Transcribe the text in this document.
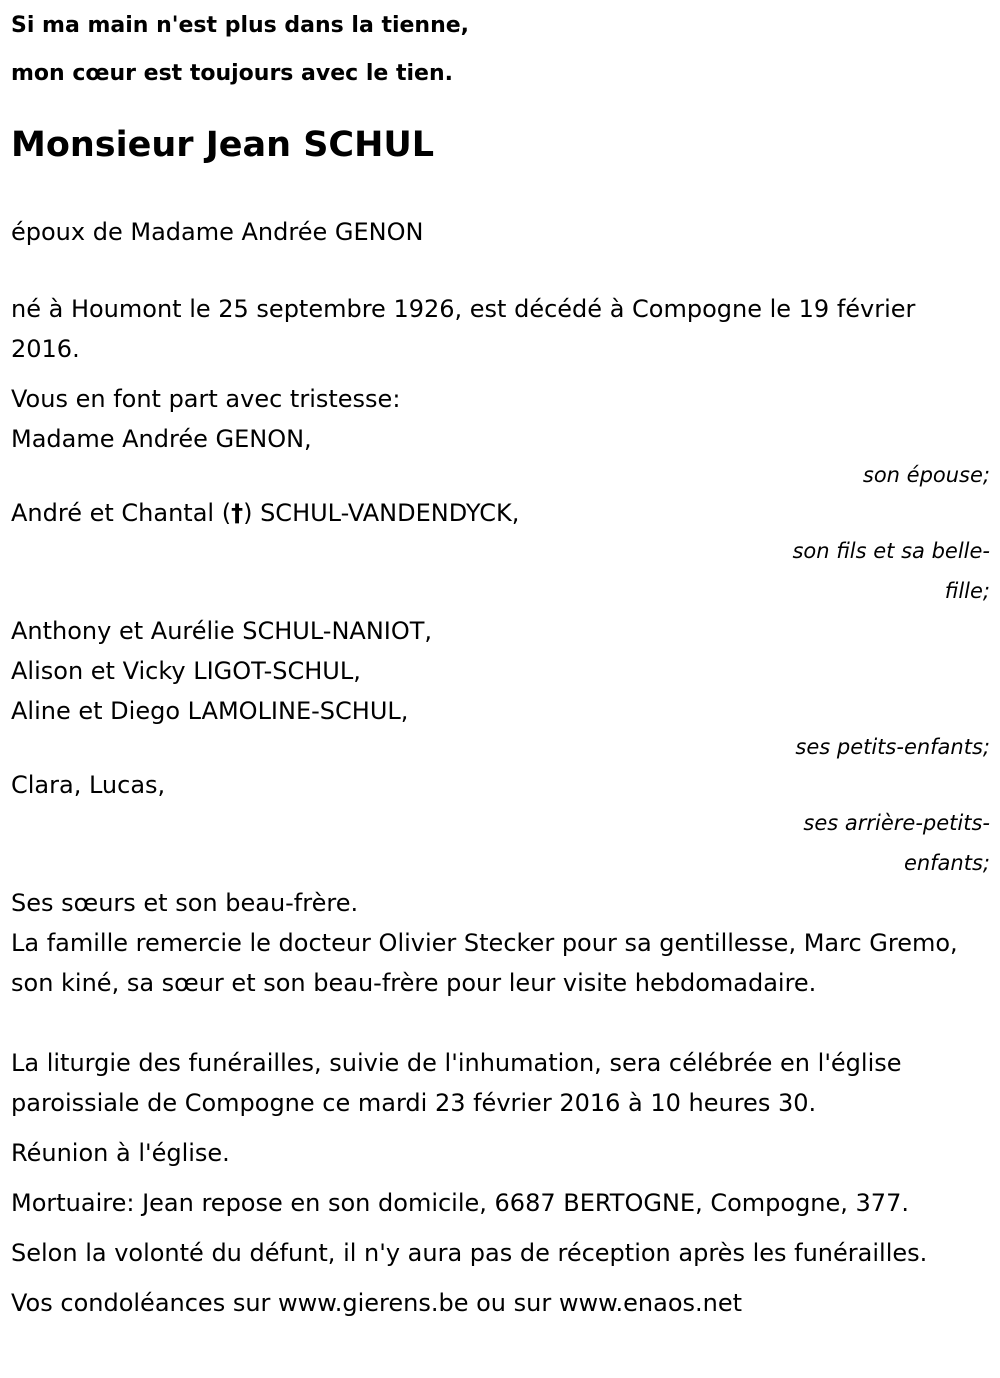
Si ma main n'est plus dans la tienne,

mon cœur est toujours avec le tien.

Monsieur Jean SCHUL

époux de Madame Andrée GENON

né à Houmont le 25 septembre 1926, est décédé à Compogne le 19 février 2016.

Vous en font part avec tristesse:

Madame Andrée GENON,

son épouse;

André et Chantal (†) SCHUL-VANDENDYCK,

son fils et sa belle-fille;

Anthony et Aurélie SCHUL-NANIOT,

Alison et Vicky LIGOT-SCHUL,

Aline et Diego LAMOLINE-SCHUL,

ses petits-enfants;

Clara, Lucas,

ses arrière-petits-enfants;

Ses sœurs et son beau-frère.

La famille remercie le docteur Olivier Stecker pour sa gentillesse, Marc Gremo, son kiné, sa sœur et son beau-frère pour leur visite hebdomadaire.

La liturgie des funérailles, suivie de l'inhumation, sera célébrée en l'église paroissiale de Compogne ce mardi 23 février 2016 à 10 heures 30.

Réunion à l'église.

Mortuaire: Jean repose en son domicile, 6687 BERTOGNE, Compogne, 377.

Selon la volonté du défunt, il n'y aura pas de réception après les funérailles.

Vos condoléances sur www.gierens.be ou sur www.enaos.net
